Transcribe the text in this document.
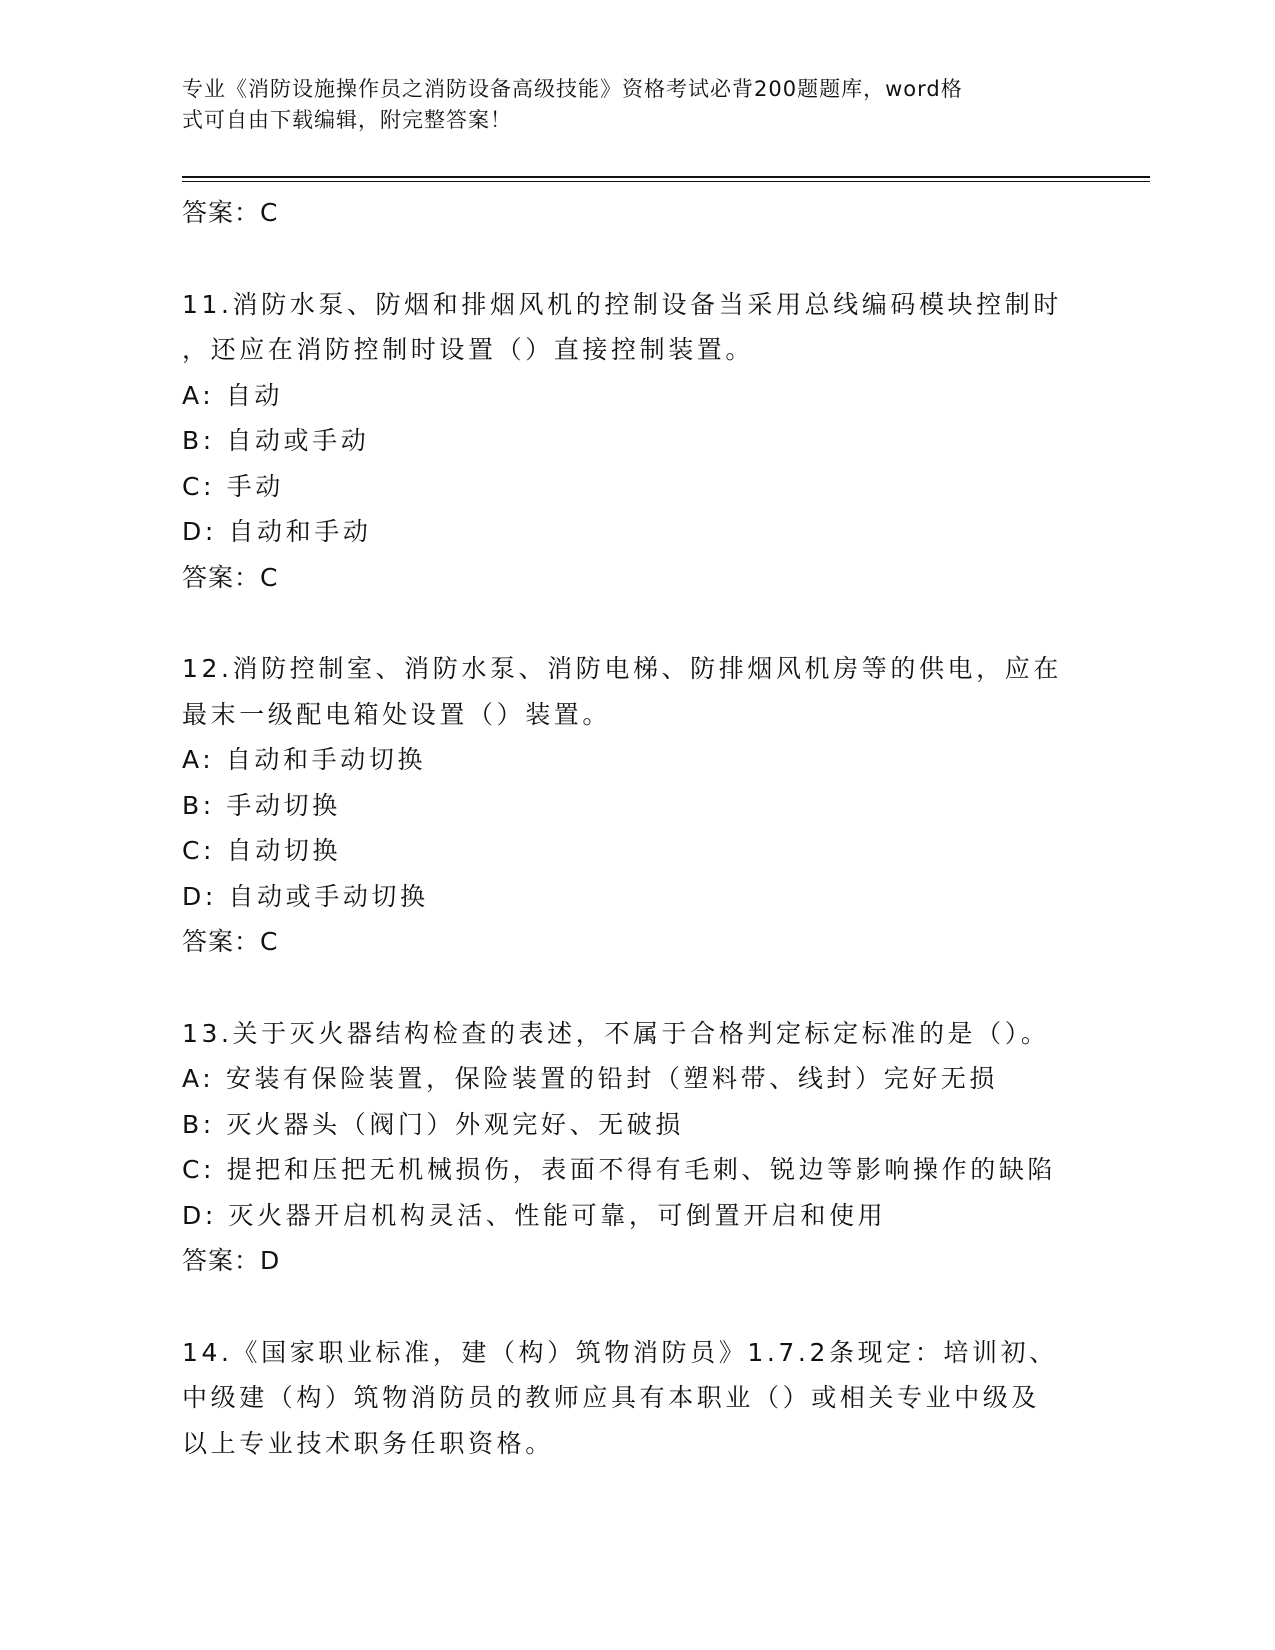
专业《消防设施操作员之消防设备高级技能》资格考试必背200题题库，word格
式可自由下载编辑，附完整答案！
答案：C
11.消防水泵、防烟和排烟风机的控制设备当采用总线编码模块控制时
，还应在消防控制时设置（）直接控制装置。
A: 自动
B: 自动或手动
C: 手动
D: 自动和手动
答案：C
12.消防控制室、消防水泵、消防电梯、防排烟风机房等的供电，应在
最末一级配电箱处设置（）装置。
A: 自动和手动切换
B: 手动切换
C: 自动切换
D: 自动或手动切换
答案：C
13.关于灭火器结构检查的表述，不属于合格判定标定标准的是（）。
A: 安装有保险装置，保险装置的铅封（塑料带、线封）完好无损
B: 灭火器头（阀门）外观完好、无破损
C: 提把和压把无机械损伤，表面不得有毛刺、锐边等影响操作的缺陷
D: 灭火器开启机构灵活、性能可靠，可倒置开启和使用
答案：D
14.《国家职业标准，建（构）筑物消防员》1.7.2条现定：培训初、
中级建（构）筑物消防员的教师应具有本职业（）或相关专业中级及
以上专业技术职务任职资格。
